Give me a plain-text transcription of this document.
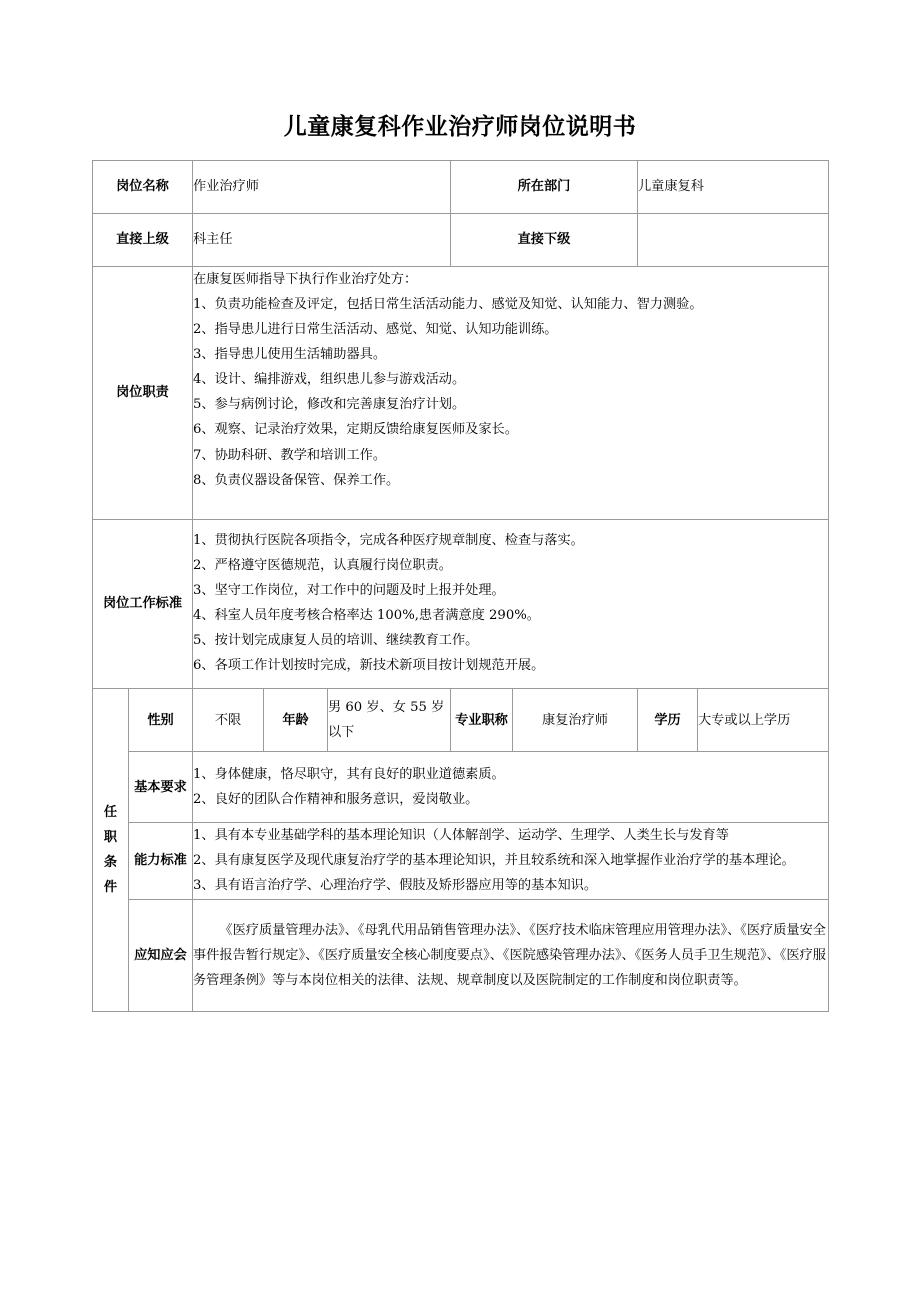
儿童康复科作业治疗师岗位说明书
岗位名称		作业治疗师			所在部门		儿童康复科	
直接上级		科主任			直接下级			
岗位职责	
在康复医师指导下执行作业治疗处方：
1、负责功能检查及评定，包括日常生活活动能力、感觉及知觉、认知能力、智力测验。
2、指导患儿进行日常生活活动、感觉、知觉、认知功能训练。
3、指导患儿使用生活辅助器具。
4、设计、编排游戏，组织患儿参与游戏活动。
5、参与病例讨论，修改和完善康复治疗计划。
6、观察、记录治疗效果，定期反馈给康复医师及家长。
7、协助科研、教学和培训工作。
8、负责仪器设备保管、保养工作。

岗位工作标准	
1、贯彻执行医院各项指令，完成各种医疗规章制度、检查与落实。
2、严格遵守医德规范，认真履行岗位职责。
3、坚守工作岗位，对工作中的问题及时上报并处理。
4、科室人员年度考核合格率达 100%,患者满意度 290%。
5、按计划完成康复人员的培训、继续教育工作。
6、各项工作计划按时完成，新技术新项目按计划规范开展。

任
职
条
件	性别	不限	年龄	男 60 岁、女 55 岁以下	专业职称	康复治疗师	学历	大专或以上学历
	基本要求	1、身体健康，恪尽职守，其有良好的职业道德素质。
2、良好的团队合作精神和服务意识，爱岗敬业。						

	能力标准	1、具有本专业基础学科的基本理论知识（人体解剖学、运动学、生理学、人类生长与发育等
2、具有康复医学及现代康复治疗学的基本理论知识，并且较系统和深入地掌握作业治疗学的基本理论。
3、具有语言治疗学、心理治疗学、假肢及矫形器应用等的基本知识。						

	应知应会	《医疗质量管理办法》、《母乳代用品销售管理办法》、《医疗技术临床管理应用管理办法》、《医疗质量安全事件报告暂行规定》、《医疗质量安全核心制度要点》、《医院感染管理办法》、《医务人员手卫生规范》、《医疗服务管理条例》等与本岗位相关的法律、法规、规章制度以及医院制定的工作制度和岗位职责等。						
